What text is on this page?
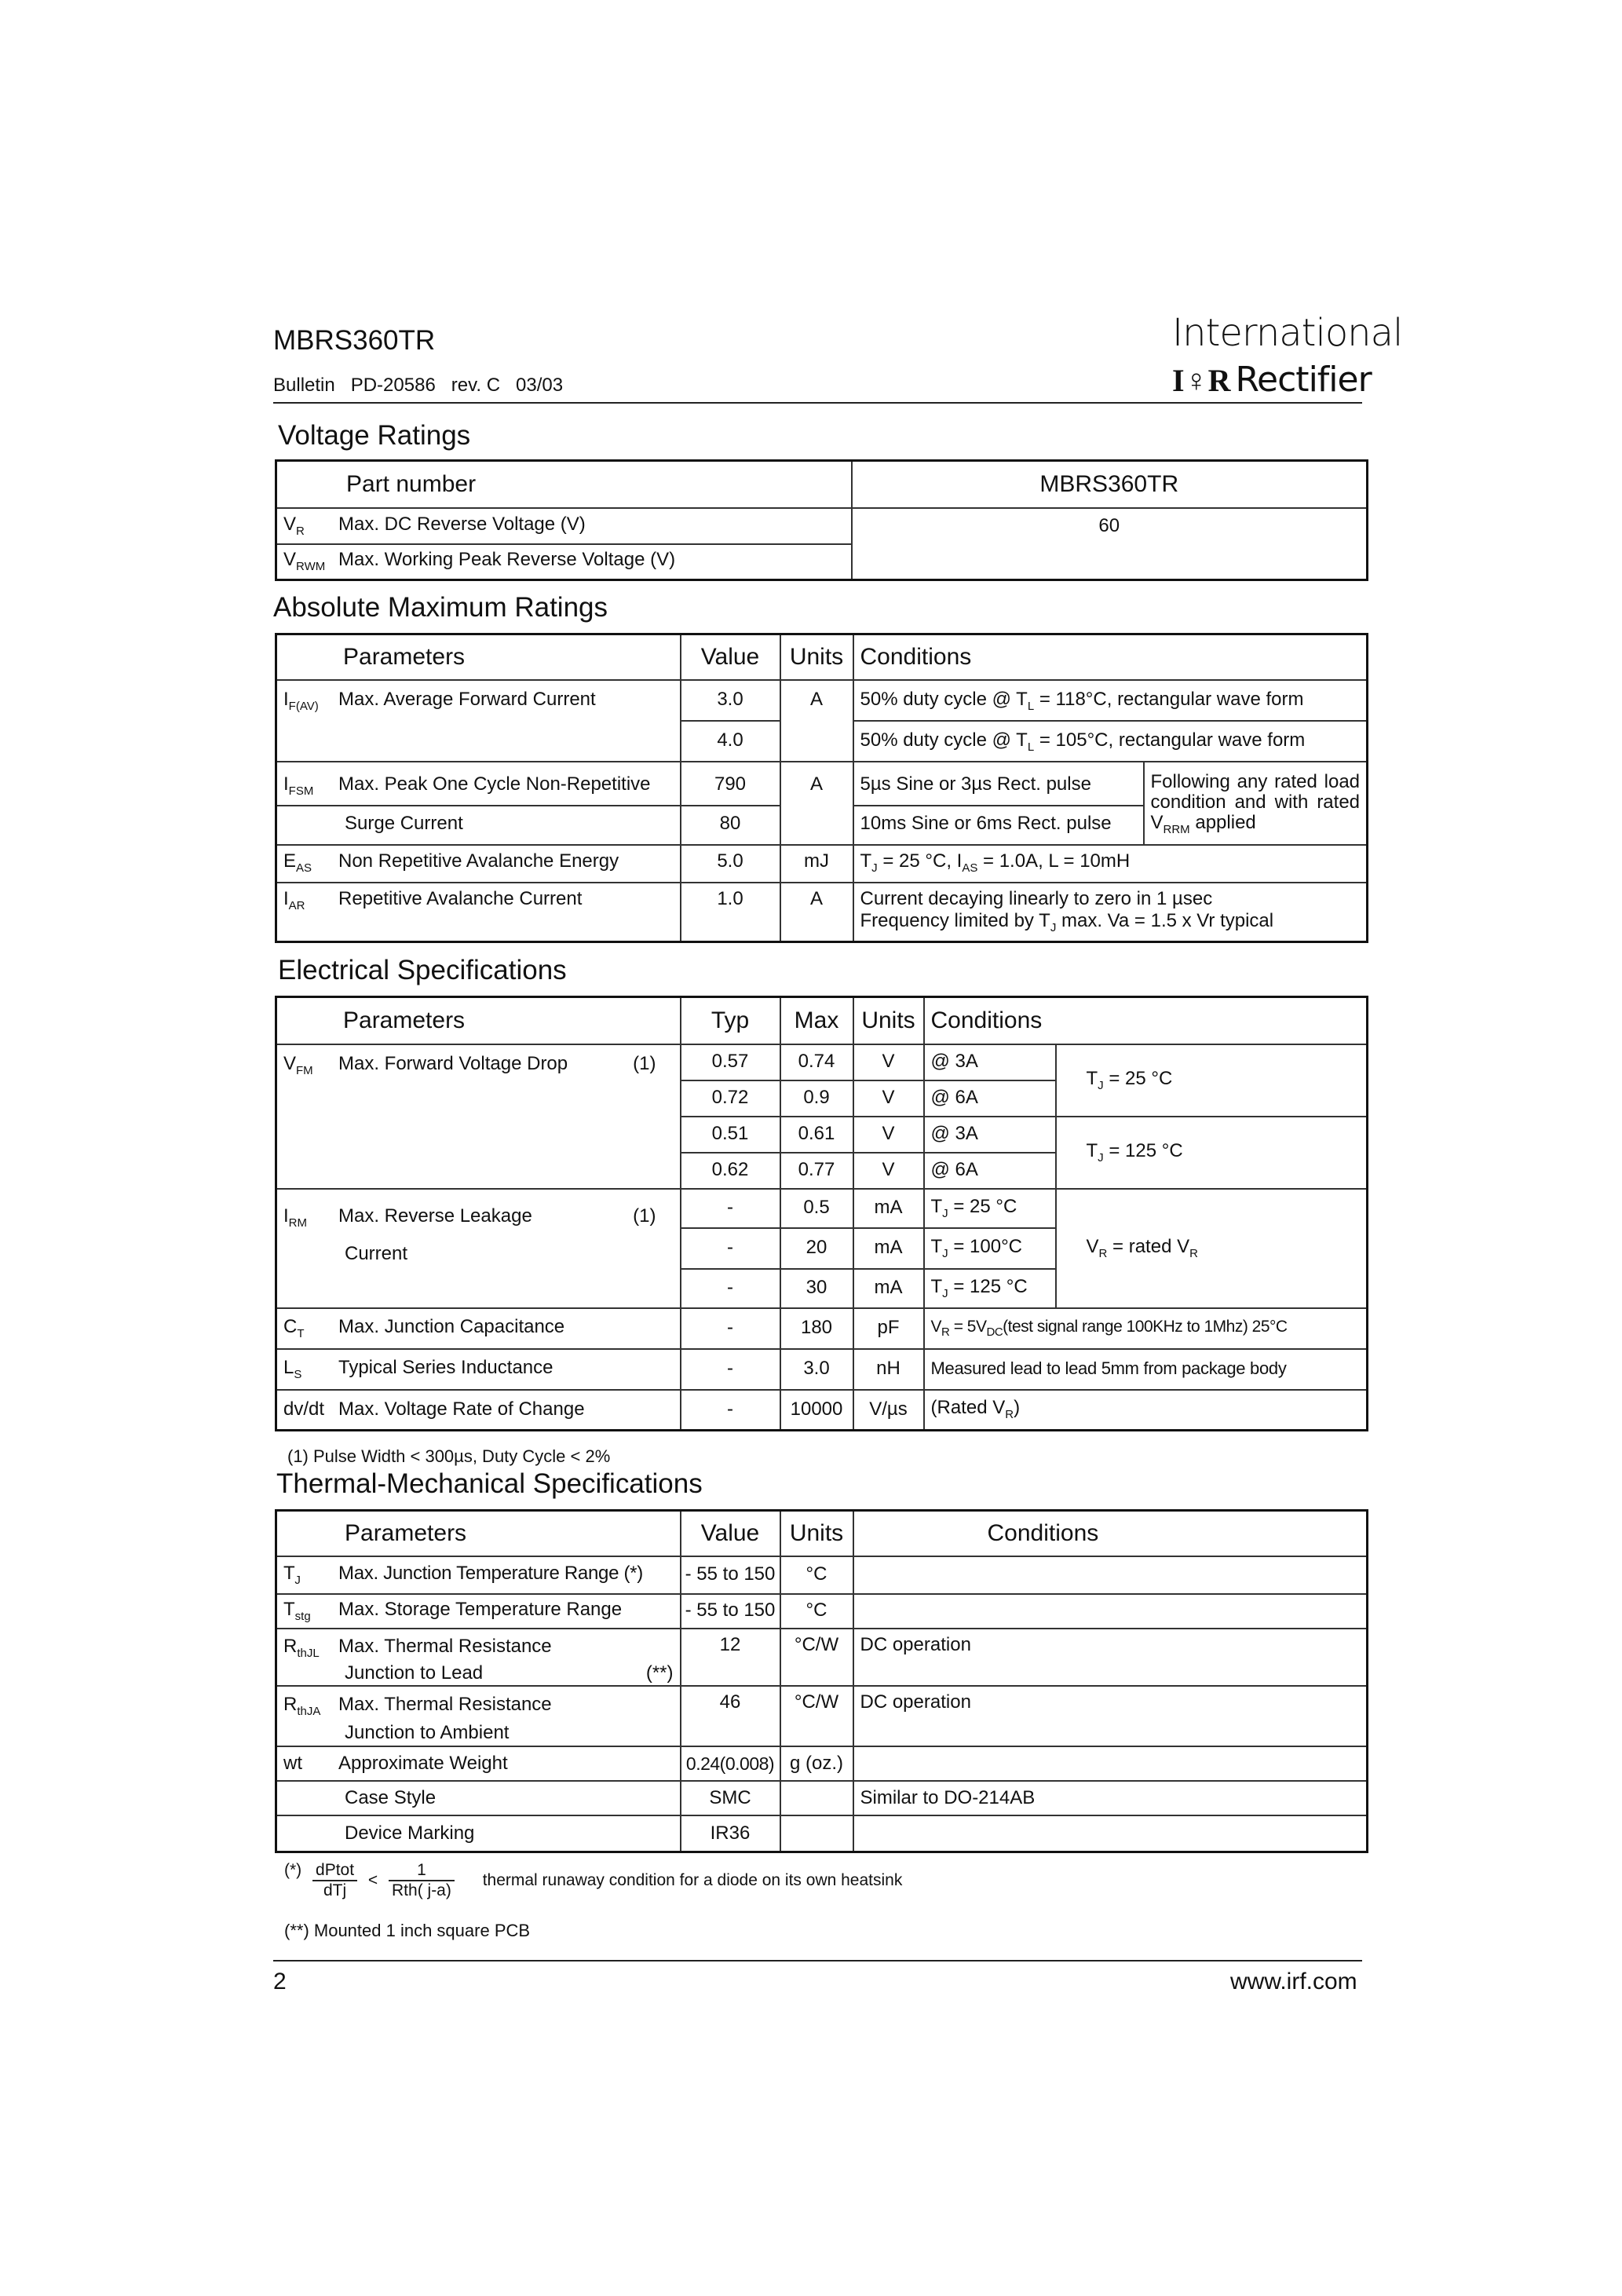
MBRS360TR
Bulletin   PD-20586   rev. C   03/03
International
I♀R Rectifier
Voltage Ratings
Part number	MBRS360TR
$V_R$ Max. DC Reverse Voltage (V)	60
$V_{RWM}$ Max. Working Peak Reverse Voltage (V)	
Absolute Maximum Ratings
Parameters	Value	Units	Conditions	
$I_{F(AV)}$ Max. Average Forward Current	3.0	A	50% duty cycle @ $T_L = 118^\circ C$, rectangular wave form	
	4.0		50% duty cycle @ $T_L = 105^\circ C$, rectangular wave form	
$I_{FSM}$ Max. Peak One Cycle Non-Repetitive	790	A	5µs Sine or 3µs Rect. pulse	Following any rated load condition and with rated $V_{RRM}$ applied
Surge Current	80		10ms Sine or 6ms Rect. pulse	
$E_{AS}$ Non Repetitive Avalanche Energy	5.0	mJ	$T_J = 25$ °C, $I_{AS} = 1.0A$, L = 10mH	
$I_{AR}$ Repetitive Avalanche Current	1.0	A	Current decaying linearly to zero in 1 µsec
Frequency limited by $T_J$ max. Va = 1.5 x Vr typical	
Electrical Specifications
Parameters	Typ	Max	Units	Conditions	
$V_{FM}$ Max. Forward Voltage Drop (1)	0.57	0.74	V	@ 3A	$T_J = 25$ °C
	0.72	0.9	V	@ 6A	
	0.51	0.61	V	@ 3A	$T_J = 125$ °C
	0.62	0.77	V	@ 6A	

$I_{RM}$ Max. Reverse Leakage (1)
Current	-	0.5	mA	$T_J = 25$ °C	$V_R$ = rated $V_R$
	-	20	mA	$T_J = 100^\circ C$	
	-	30	mA	$T_J = 125$ °C	
$C_T$ Max. Junction Capacitance	-	180	pF	$V_R$ = $5V_{DC}(test$ signal range 100KHz to 1Mhz) 25°C	
$L_S$ Typical Series Inductance	-	3.0	nH	Measured lead to lead 5mm from package body	
dv/dt Max. Voltage Rate of Change	-	10000	V/µs	(Rated $V_R$)	
(1) Pulse Width < 300µs, Duty Cycle < 2%
Thermal-Mechanical Specifications
Parameters	Value	Units	Conditions
$T_J$ Max. Junction Temperature Range (*)	- 55 to 150	°C	
$T_{stg}$ Max. Storage Temperature Range	- 55 to 150	°C	

$R_{thJL}$ Max. Thermal Resistance
Junction to Lead (**)	12	°C/W	DC operation

$R_{thJA}$ Max. Thermal Resistance
Junction to Ambient	46	°C/W	DC operation
wt Approximate Weight	0.24(0.008)	g (oz.)	
Case Style	SMC		Similar to DO-214AB
Device Marking	IR36		
(*) $\frac{\text{dPtot}}{\text{dTj}} < \frac{1}{\text{Rth( j-a)}}$ thermal runaway condition for a diode on its own heatsink
(**) Mounted 1 inch square PCB
2	www.irf.com
